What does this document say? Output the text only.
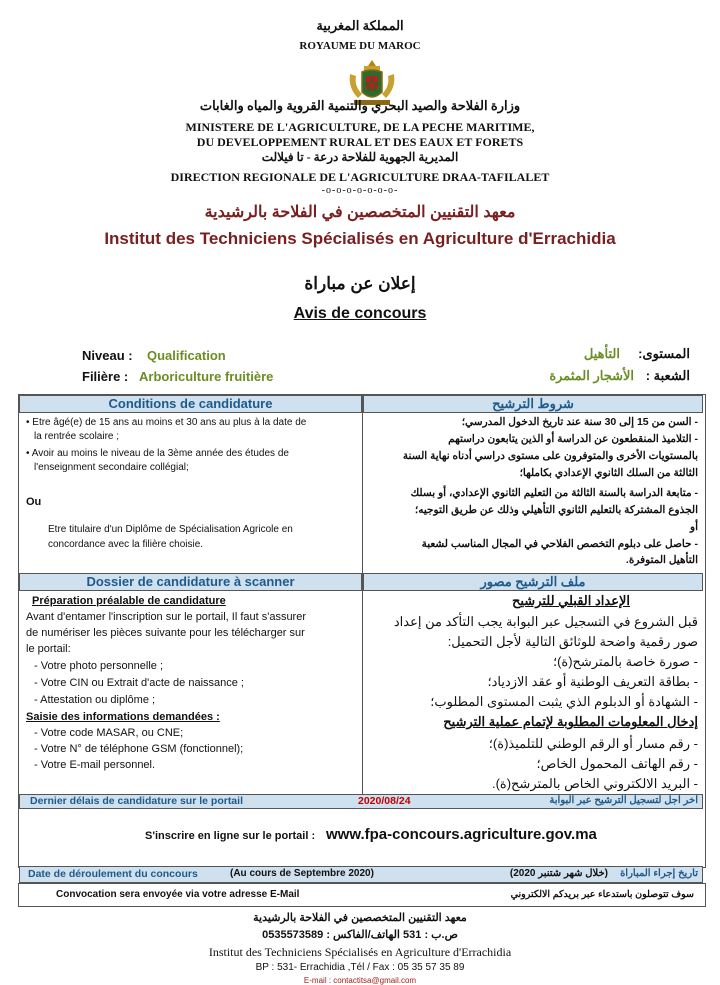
المملكة المغربية
ROYAUME DU MAROC
وزارة الفلاحة والصيد البحري والتنمية القروية والمياه والغابات
MINISTERE DE L'AGRICULTURE, DE LA PECHE MARITIME,
DU DEVELOPPEMENT RURAL ET DES EAUX ET FORETS
المديرية الجهوية للفلاحة درعة - تا فيلالت
DIRECTION REGIONALE DE L'AGRICULTURE DRAA-TAFILALET
-o-o-o-o-o-o-o-
معهد التقنيين المتخصصين في الفلاحة بالرشيدية
Institut des Techniciens Spécialisés en Agriculture d'Errachidia
إعلان عن مباراة
Avis de concours
Niveau : Qualification
Filière : Arboriculture fruitière
المستوى:
التأهيل
الشعبة :
الأشجار المثمرة
Conditions de candidature	شروط الترشيح
• Etre âgé(e) de 15 ans au moins et 30 ans au plus à la date de
la rentrée scolaire ;
• Avoir au moins le niveau de la 3ème année des études de
l'enseignment secondaire collégial;
Ou
Etre titulaire d'un Diplôme de Spécialisation Agricole en
concordance avec la filière choisie.
- السن من 15 إلى 30 سنة عند تاريخ الدخول المدرسي؛
- التلاميذ المنقطعون عن الدراسة أو الذين يتابعون دراستهم
بالمستويات الأخرى والمتوفرون على مستوى دراسي أدناه نهاية السنة
الثالثة من السلك الثانوي الإعدادي بكاملها؛
- متابعة الدراسة بالسنة الثالثة من التعليم الثانوي الإعدادي، أو بسلك
الجذوع المشتركة بالتعليم الثانوي التأهيلي وذلك عن طريق التوجيه؛
أو
- حاصل على دبلوم التخصص الفلاحي في المجال المناسب لشعبة
التأهيل المتوفرة.
Dossier de candidature à scanner	ملف الترشيح مصور
Préparation préalable de candidature
Avant d'entamer l'inscription sur le portail, Il faut s'assurer
de numériser les pièces suivante pour les télécharger sur
le portail:
- Votre photo personnelle ;
- Votre CIN ou Extrait d'acte de naissance ;
- Attestation ou diplôme ;
Saisie des informations demandées :
- Votre code MASAR, ou CNE;
- Votre N° de téléphone GSM (fonctionnel);
- Votre E-mail personnel.
الإعداد القبلي للترشيح
قبل الشروع في التسجيل عبر البوابة يجب التأكد من إعداد
صور رقمية واضحة للوثائق التالية لأجل التحميل:
- صورة خاصة بالمترشح(ة)؛
- بطاقة التعريف الوطنية أو عقد الازدياد؛
- الشهادة أو الدبلوم الذي يثبت المستوى المطلوب؛
إدخال المعلومات المطلوبة لإتمام عملية الترشيح
- رقم مسار أو الرقم الوطني للتلميذ(ة)؛
- رقم الهاتف المحمول الخاص؛
- البريد الالكتروني الخاص بالمترشح(ة).
Dernier délais de candidature sur le portail	2020/08/24	اخر اجل لتسجيل الترشيح عبر البوابة
S'inscrire en ligne sur le portail : www.fpa-concours.agriculture.gov.ma
Date de déroulement du concours	(Au cours de Septembre 2020)	(خلال شهر شتنبر 2020) تاريخ إجراء المباراة
Convocation sera envoyée via votre adresse E-Mail	سوف تتوصلون باستدعاء عبر بريدكم الالكتروني
معهد التقنيين المتخصصين في الفلاحة بالرشيدية
ص.ب : 531 الهاتف/الفاكس : 0535573589
Institut des Techniciens Spécialisés en Agriculture d'Errachidia
BP : 531- Errachidia ,Tél / Fax : 05 35 57 35 89
E-mail : contactitsa@gmail.com
